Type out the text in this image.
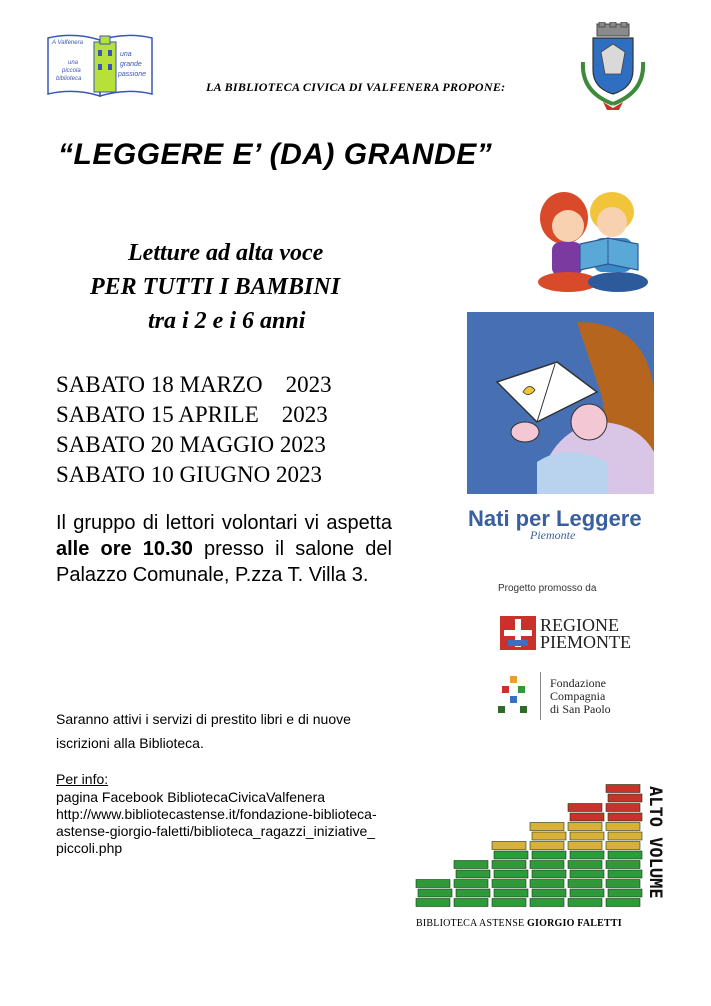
A Valfenera
una
piccola
biblioteca
una
grande
passione
LA BIBLIOTECA CIVICA DI VALFENERA PROPONE:
“LEGGERE E’ (DA) GRANDE”
Letture ad alta voce
PER TUTTI I BAMBINI
tra i 2 e i 6 anni
SABATO 18 MARZO    2023
SABATO 15 APRILE    2023
SABATO 20 MAGGIO 2023
SABATO 10 GIUGNO 2023
Il gruppo di lettori volontari vi aspetta alle ore 10.30 presso il salone del Palazzo Comunale, P.zza T. Villa 3.
Nati per Leggere
Piemonte
Progetto promosso da
REGIONE
PIEMONTE
Fondazione
Compagnia
di San Paolo
Saranno attivi i servizi di prestito libri e di nuove
iscrizioni alla Biblioteca.
Per info:
pagina Facebook BibliotecaCivicaValfenera
http://www.bibliotecastense.it/fondazione-biblioteca-
astense-giorgio-faletti/biblioteca_ragazzi_iniziative_
piccoli.php	ALTO VOLUME
BIBLIOTECA ASTENSE GIORGIO FALETTI
